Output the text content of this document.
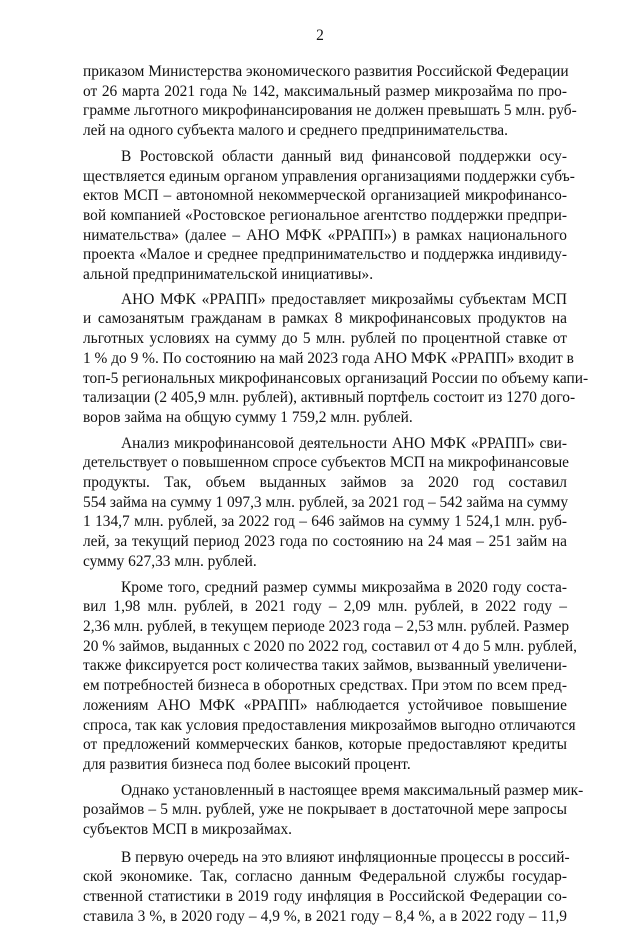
2

приказом Министерства экономического развития Российской Федерации
от 26 марта 2021 года № 142, максимальный размер микрозайма по про-
грамме льготного микрофинансирования не должен превышать 5 млн. руб-
лей на одного субъекта малого и среднего предпринимательства.

В Ростовской области данный вид финансовой поддержки осу-
ществляется единым органом управления организациями поддержки субъ-
ектов МСП – автономной некоммерческой организацией микрофинансо-
вой компанией «Ростовское региональное агентство поддержки предпри-
нимательства» (далее – АНО МФК «РРАПП») в рамках национального
проекта «Малое и среднее предпринимательство и поддержка индивиду-
альной предпринимательской инициативы».

АНО МФК «РРАПП» предоставляет микрозаймы субъектам МСП
и самозанятым гражданам в рамках 8 микрофинансовых продуктов на
льготных условиях на сумму до 5 млн. рублей по процентной ставке от
1 % до 9 %. По состоянию на май 2023 года АНО МФК «РРАПП» входит в
топ-5 региональных микрофинансовых организаций России по объему капи-
тализации (2 405,9 млн. рублей), активный портфель состоит из 1270 дого-
воров займа на общую сумму 1 759,2 млн. рублей.

Анализ микрофинансовой деятельности АНО МФК «РРАПП» сви-
детельствует о повышенном спросе субъектов МСП на микрофинансовые
продукты. Так, объем выданных займов за 2020 год составил
554 займа на сумму 1 097,3 млн. рублей, за 2021 год – 542 займа на сумму
1 134,7 млн. рублей, за 2022 год – 646 займов на сумму 1 524,1 млн. руб-
лей, за текущий период 2023 года по состоянию на 24 мая – 251 займ на
сумму 627,33 млн. рублей.

Кроме того, средний размер суммы микрозайма в 2020 году соста-
вил 1,98 млн. рублей, в 2021 году – 2,09 млн. рублей, в 2022 году –
2,36 млн. рублей, в текущем периоде 2023 года – 2,53 млн. рублей. Размер
20 % займов, выданных с 2020 по 2022 год, составил от 4 до 5 млн. рублей,
также фиксируется рост количества таких займов, вызванный увеличени-
ем потребностей бизнеса в оборотных средствах. При этом по всем пред-
ложениям АНО МФК «РРАПП» наблюдается устойчивое повышение
спроса, так как условия предоставления микрозаймов выгодно отличаются
от предложений коммерческих банков, которые предоставляют кредиты
для развития бизнеса под более высокий процент.

Однако установленный в настоящее время максимальный размер мик-
розаймов – 5 млн. рублей, уже не покрывает в достаточной мере запросы
субъектов МСП в микрозаймах.

В первую очередь на это влияют инфляционные процессы в россий-
ской экономике. Так, согласно данным Федеральной службы государ-
ственной статистики в 2019 году инфляция в Российской Федерации со-
ставила 3 %, в 2020 году – 4,9 %, в 2021 году – 8,4 %, а в 2022 году – 11,9
